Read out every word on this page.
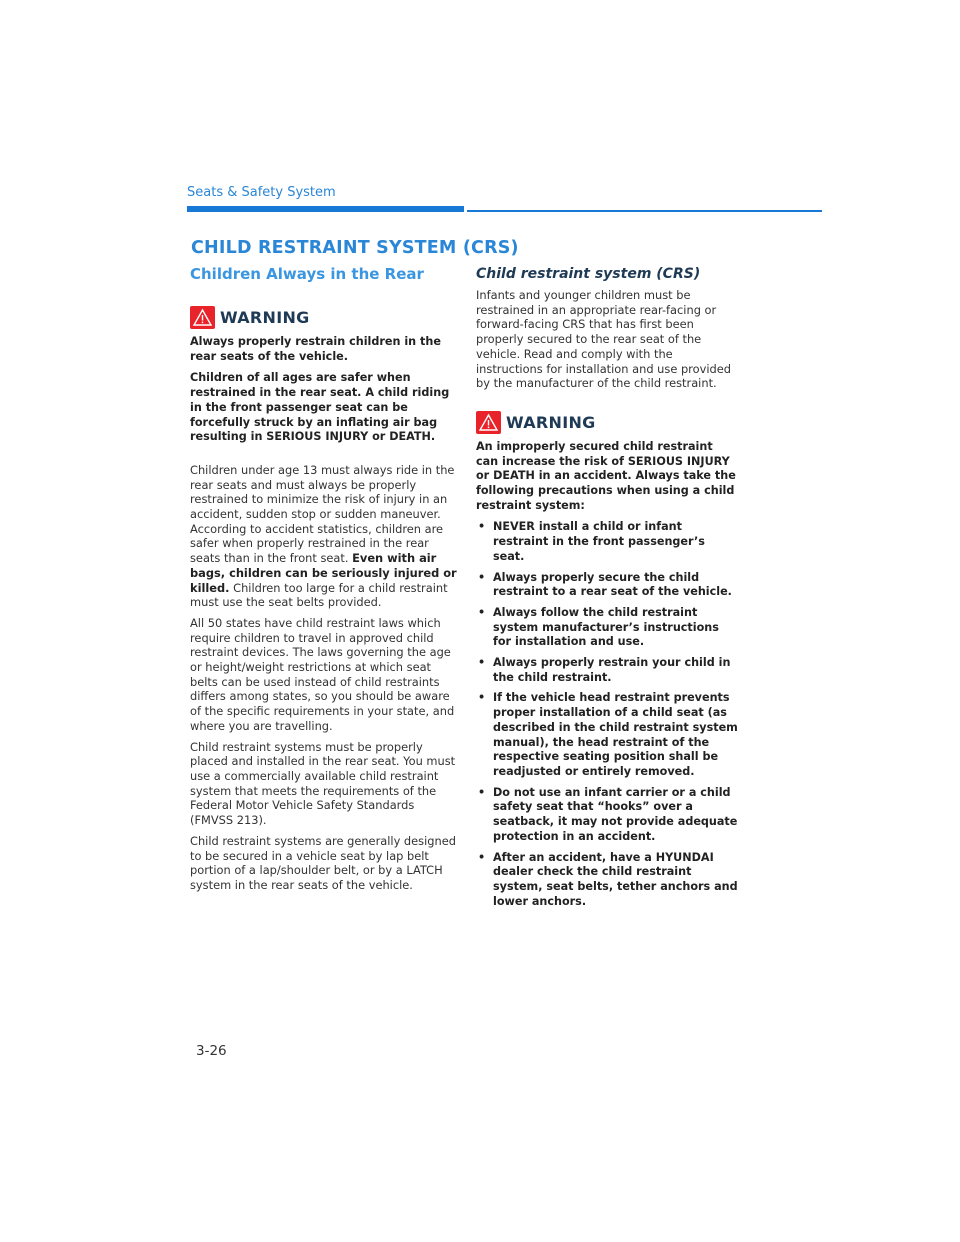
Seats & Safety System
CHILD RESTRAINT SYSTEM (CRS)
Children Always in the Rear
WARNING

Always properly restrain children in the rear seats of the vehicle.

Children of all ages are safer when restrained in the rear seat. A child riding in the front passenger seat can be forcefully struck by an inflating air bag resulting in SERIOUS INJURY or DEATH.

Children under age 13 must always ride in the rear seats and must always be properly restrained to minimize the risk of injury in an accident, sudden stop or sudden maneuver. According to accident statistics, children are safer when properly restrained in the rear seats than in the front seat. Even with air bags, children can be seriously injured or killed. Children too large for a child restraint must use the seat belts provided.

All 50 states have child restraint laws which require children to travel in approved child restraint devices. The laws governing the age or height/weight restrictions at which seat belts can be used instead of child restraints differs among states, so you should be aware of the specific requirements in your state, and where you are travelling.

Child restraint systems must be properly placed and installed in the rear seat. You must use a commercially available child restraint system that meets the requirements of the Federal Motor Vehicle Safety Standards (FMVSS 213).

Child restraint systems are generally designed to be secured in a vehicle seat by lap belt portion of a lap/shoulder belt, or by a LATCH system in the rear seats of the vehicle.

Child restraint system (CRS)

Infants and younger children must be restrained in an appropriate rear-facing or forward-facing CRS that has first been properly secured to the rear seat of the vehicle. Read and comply with the instructions for installation and use provided by the manufacturer of the child restraint.

WARNING

An improperly secured child restraint can increase the risk of SERIOUS INJURY or DEATH in an accident. Always take the following precautions when using a child restraint system:

• NEVER install a child or infant restraint in the front passenger’s seat.
• Always properly secure the child restraint to a rear seat of the vehicle.
• Always follow the child restraint system manufacturer’s instructions for installation and use.
• Always properly restrain your child in the child restraint.
• If the vehicle head restraint prevents proper installation of a child seat (as described in the child restraint system manual), the head restraint of the respective seating position shall be readjusted or entirely removed.
• Do not use an infant carrier or a child safety seat that “hooks” over a seatback, it may not provide adequate protection in an accident.
• After an accident, have a HYUNDAI dealer check the child restraint system, seat belts, tether anchors and lower anchors.
3-26
